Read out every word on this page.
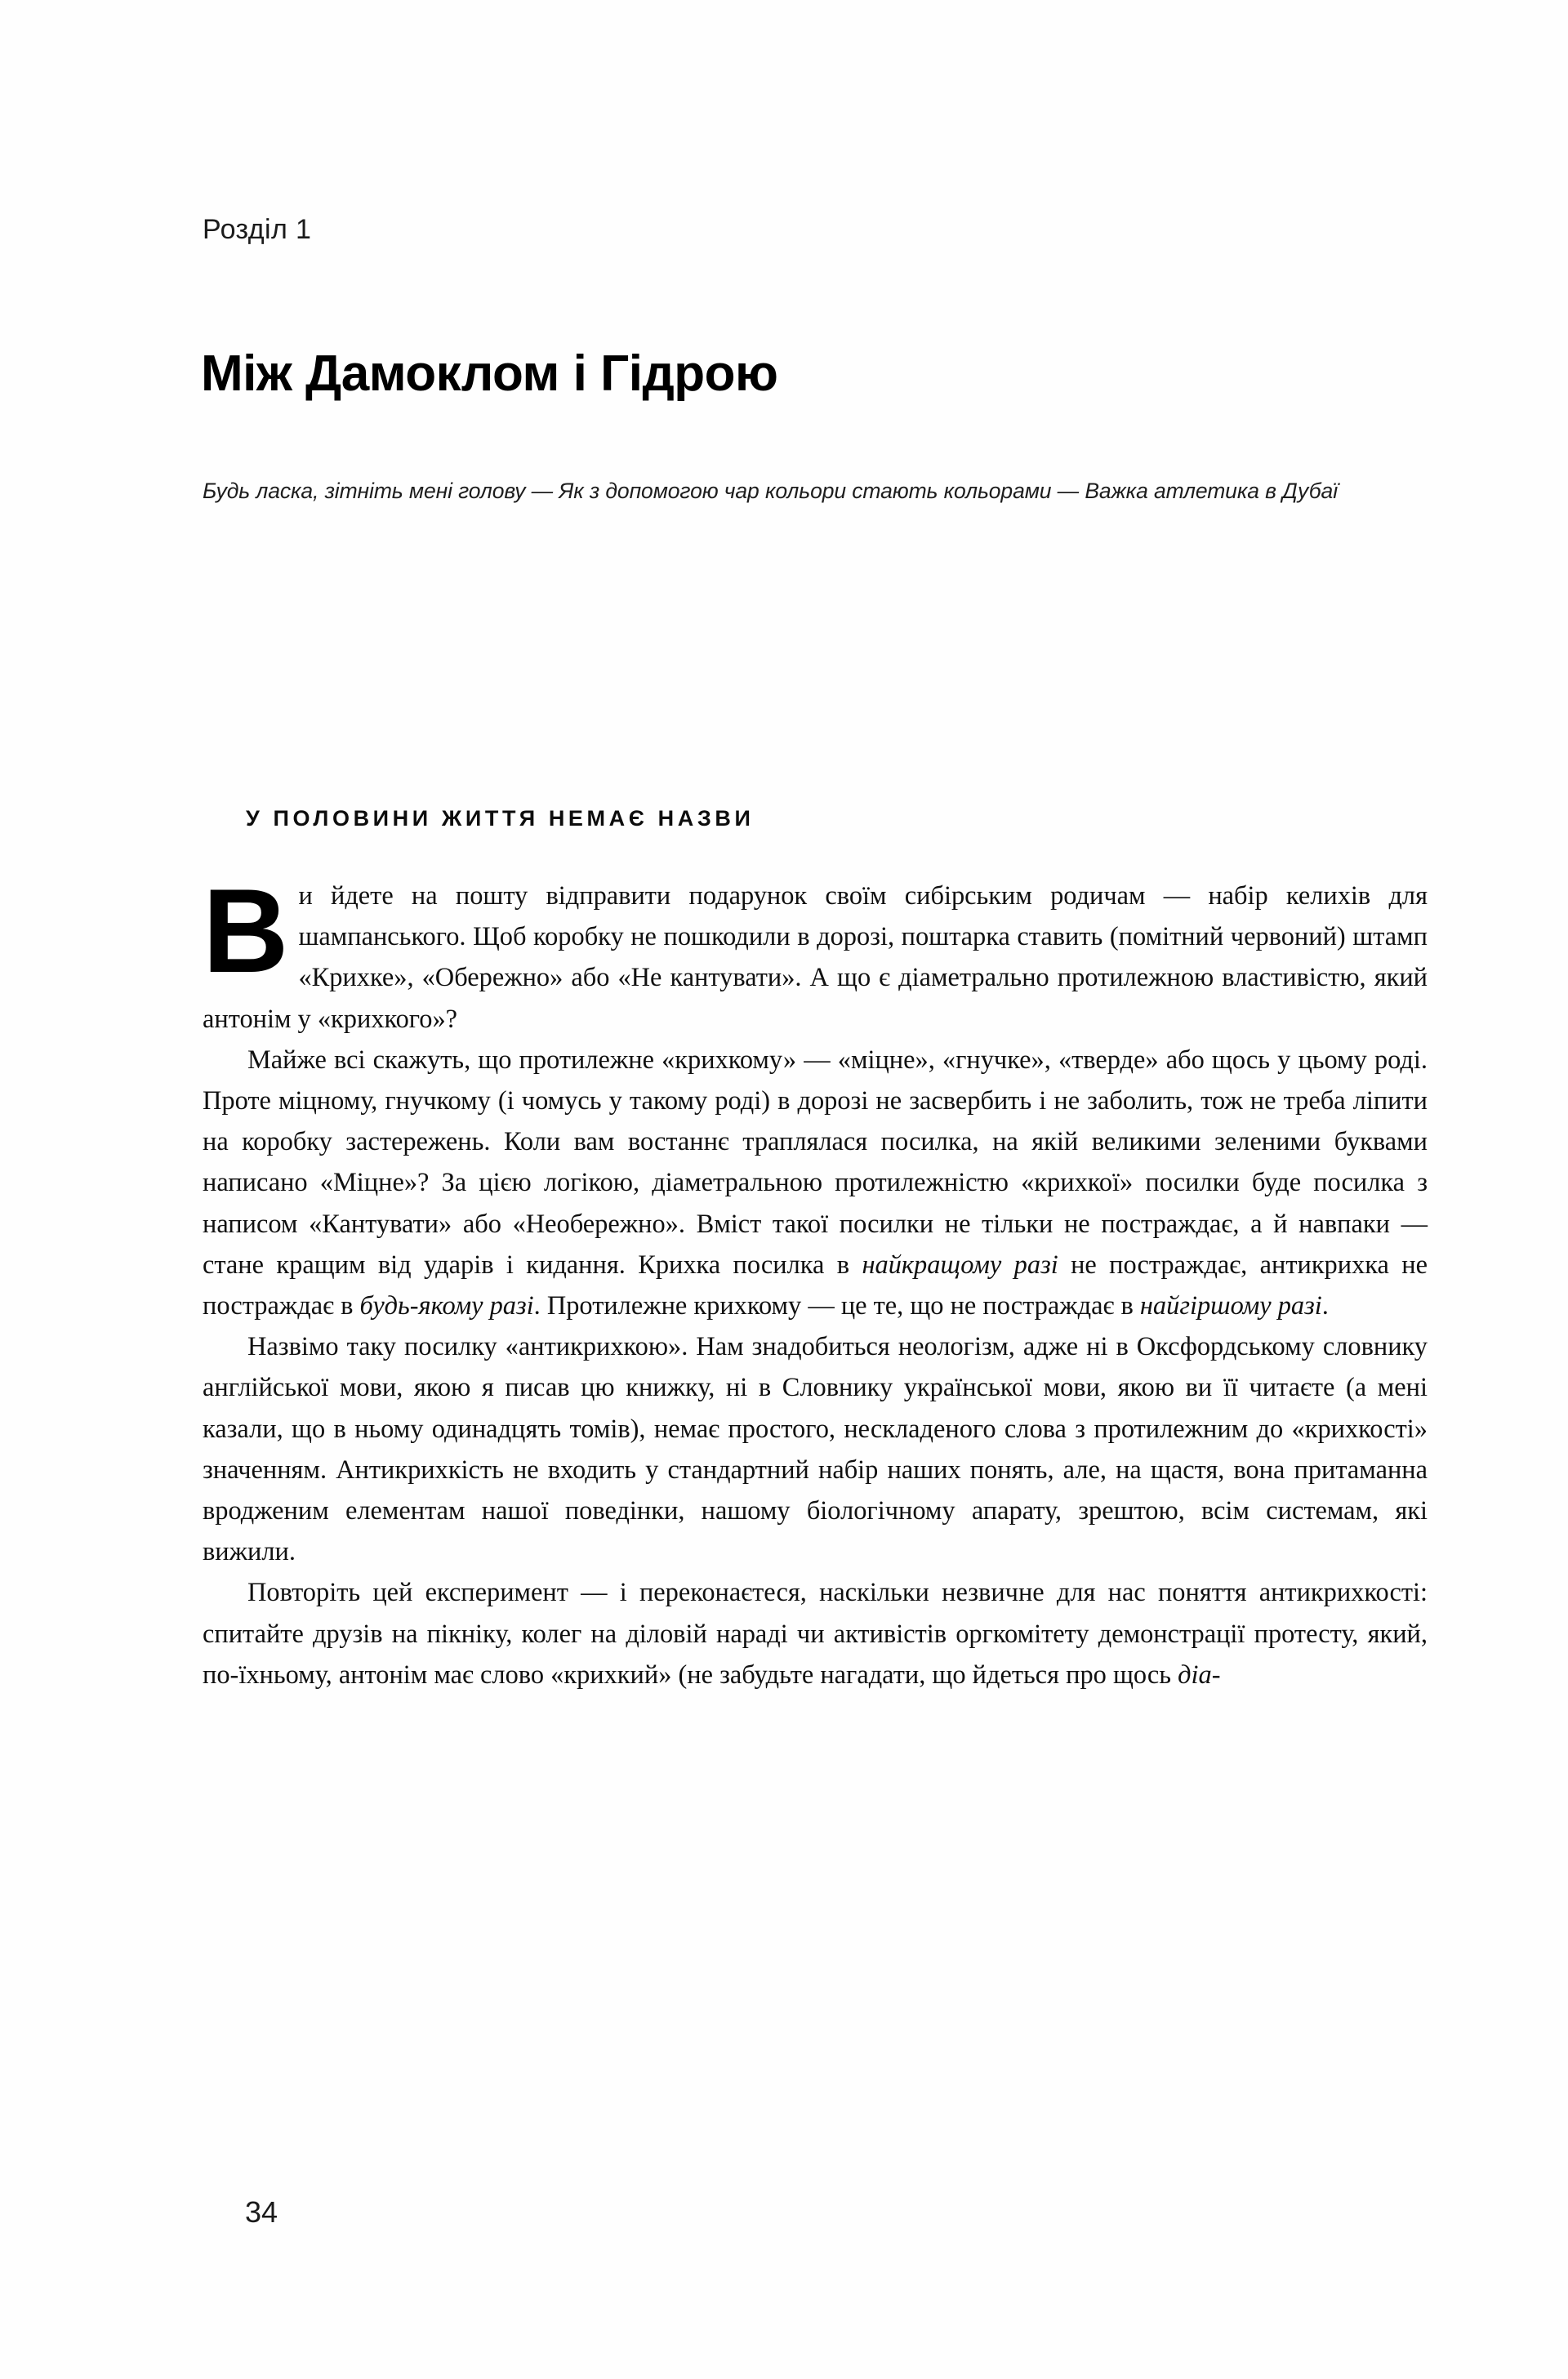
Розділ 1
Між Дамоклом і Гідрою
Будь ласка, зітніть мені голову — Як з допомогою чар кольори стають кольорами — Важка атлетика в Дубаї
У ПОЛОВИНИ ЖИТТЯ НЕМАЄ НАЗВИ

Ви йдете на пошту відправити подарунок своїм сибірським родичам — набір келихів для шампанського. Щоб коробку не пошкодили в дорозі, поштарка ставить (помітний червоний) штамп «Крихке», «Обережно» або «Не кантувати». А що є діаметрально протилежною властивістю, який антонім у «крихкого»?

Майже всі скажуть, що протилежне «крихкому» — «міцне», «гнучке», «тверде» або щось у цьому роді. Проте міцному, гнучкому (і чомусь у такому роді) в дорозі не засвербить і не заболить, тож не треба ліпити на коробку застережень. Коли вам востаннє траплялася посилка, на якій великими зеленими буквами написано «Міцне»? За цією логікою, діаметральною протилежністю «крихкої» посилки буде посилка з написом «Кантувати» або «Необережно». Вміст такої посилки не тільки не постраждає, а й навпаки — стане кращим від ударів і кидання. Крихка посилка в найкращому разі не постраждає, антикрихка не постраждає в будь-якому разі. Протилежне крихкому — це те, що не постраждає в найгіршому разі.

Назвімо таку посилку «антикрихкою». Нам знадобиться неологізм, адже ні в Оксфордському словнику англійської мови, якою я писав цю книжку, ні в Словнику української мови, якою ви її читаєте (а мені казали, що в ньому одинадцять томів), немає простого, нескладеного слова з протилежним до «крихкості» значенням. Антикрихкість не входить у стандартний набір наших понять, але, на щастя, вона притаманна вродженим елементам нашої поведінки, нашому біологічному апарату, зрештою, всім системам, які вижили.

Повторіть цей експеримент — і переконаєтеся, наскільки незвичне для нас поняття антикрихкості: спитайте друзів на пікніку, колег на діловій нараді чи активістів оргкомітету демонстрації протесту, який, по-їхньому, антонім має слово «крихкий» (не забудьте нагадати, що йдеться про щось діа-

34
